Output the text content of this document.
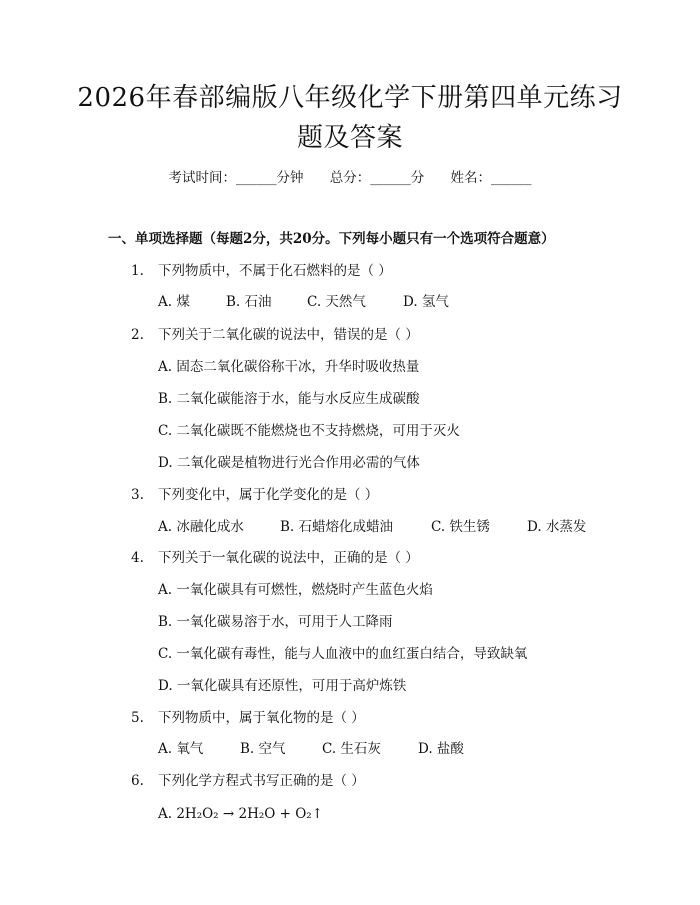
2026年春部编版八年级化学下册第四单元练习题及答案
考试时间：______分钟 总分：______分 姓名：______
一、单项选择题（每题2分，共20分。下列每小题只有一个选项符合题意）
1. 下列物质中，不属于化石燃料的是（ ）
A. 煤	B. 石油	C. 天然气	D. 氢气
2. 下列关于二氧化碳的说法中，错误的是（ ）
A. 固态二氧化碳俗称干冰，升华时吸收热量
B. 二氧化碳能溶于水，能与水反应生成碳酸
C. 二氧化碳既不能燃烧也不支持燃烧，可用于灭火
D. 二氧化碳是植物进行光合作用必需的气体
3. 下列变化中，属于化学变化的是（ ）
A. 冰融化成水	B. 石蜡熔化成蜡油	C. 铁生锈	D. 水蒸发
4. 下列关于一氧化碳的说法中，正确的是（ ）
A. 一氧化碳具有可燃性，燃烧时产生蓝色火焰
B. 一氧化碳易溶于水，可用于人工降雨
C. 一氧化碳有毒性，能与人血液中的血红蛋白结合，导致缺氧
D. 一氧化碳具有还原性，可用于高炉炼铁
5. 下列物质中，属于氧化物的是（ ）
A. 氧气	B. 空气	C. 生石灰	D. 盐酸
6. 下列化学方程式书写正确的是（ ）
A. 2H₂O₂ → 2H₂O + O₂↑
